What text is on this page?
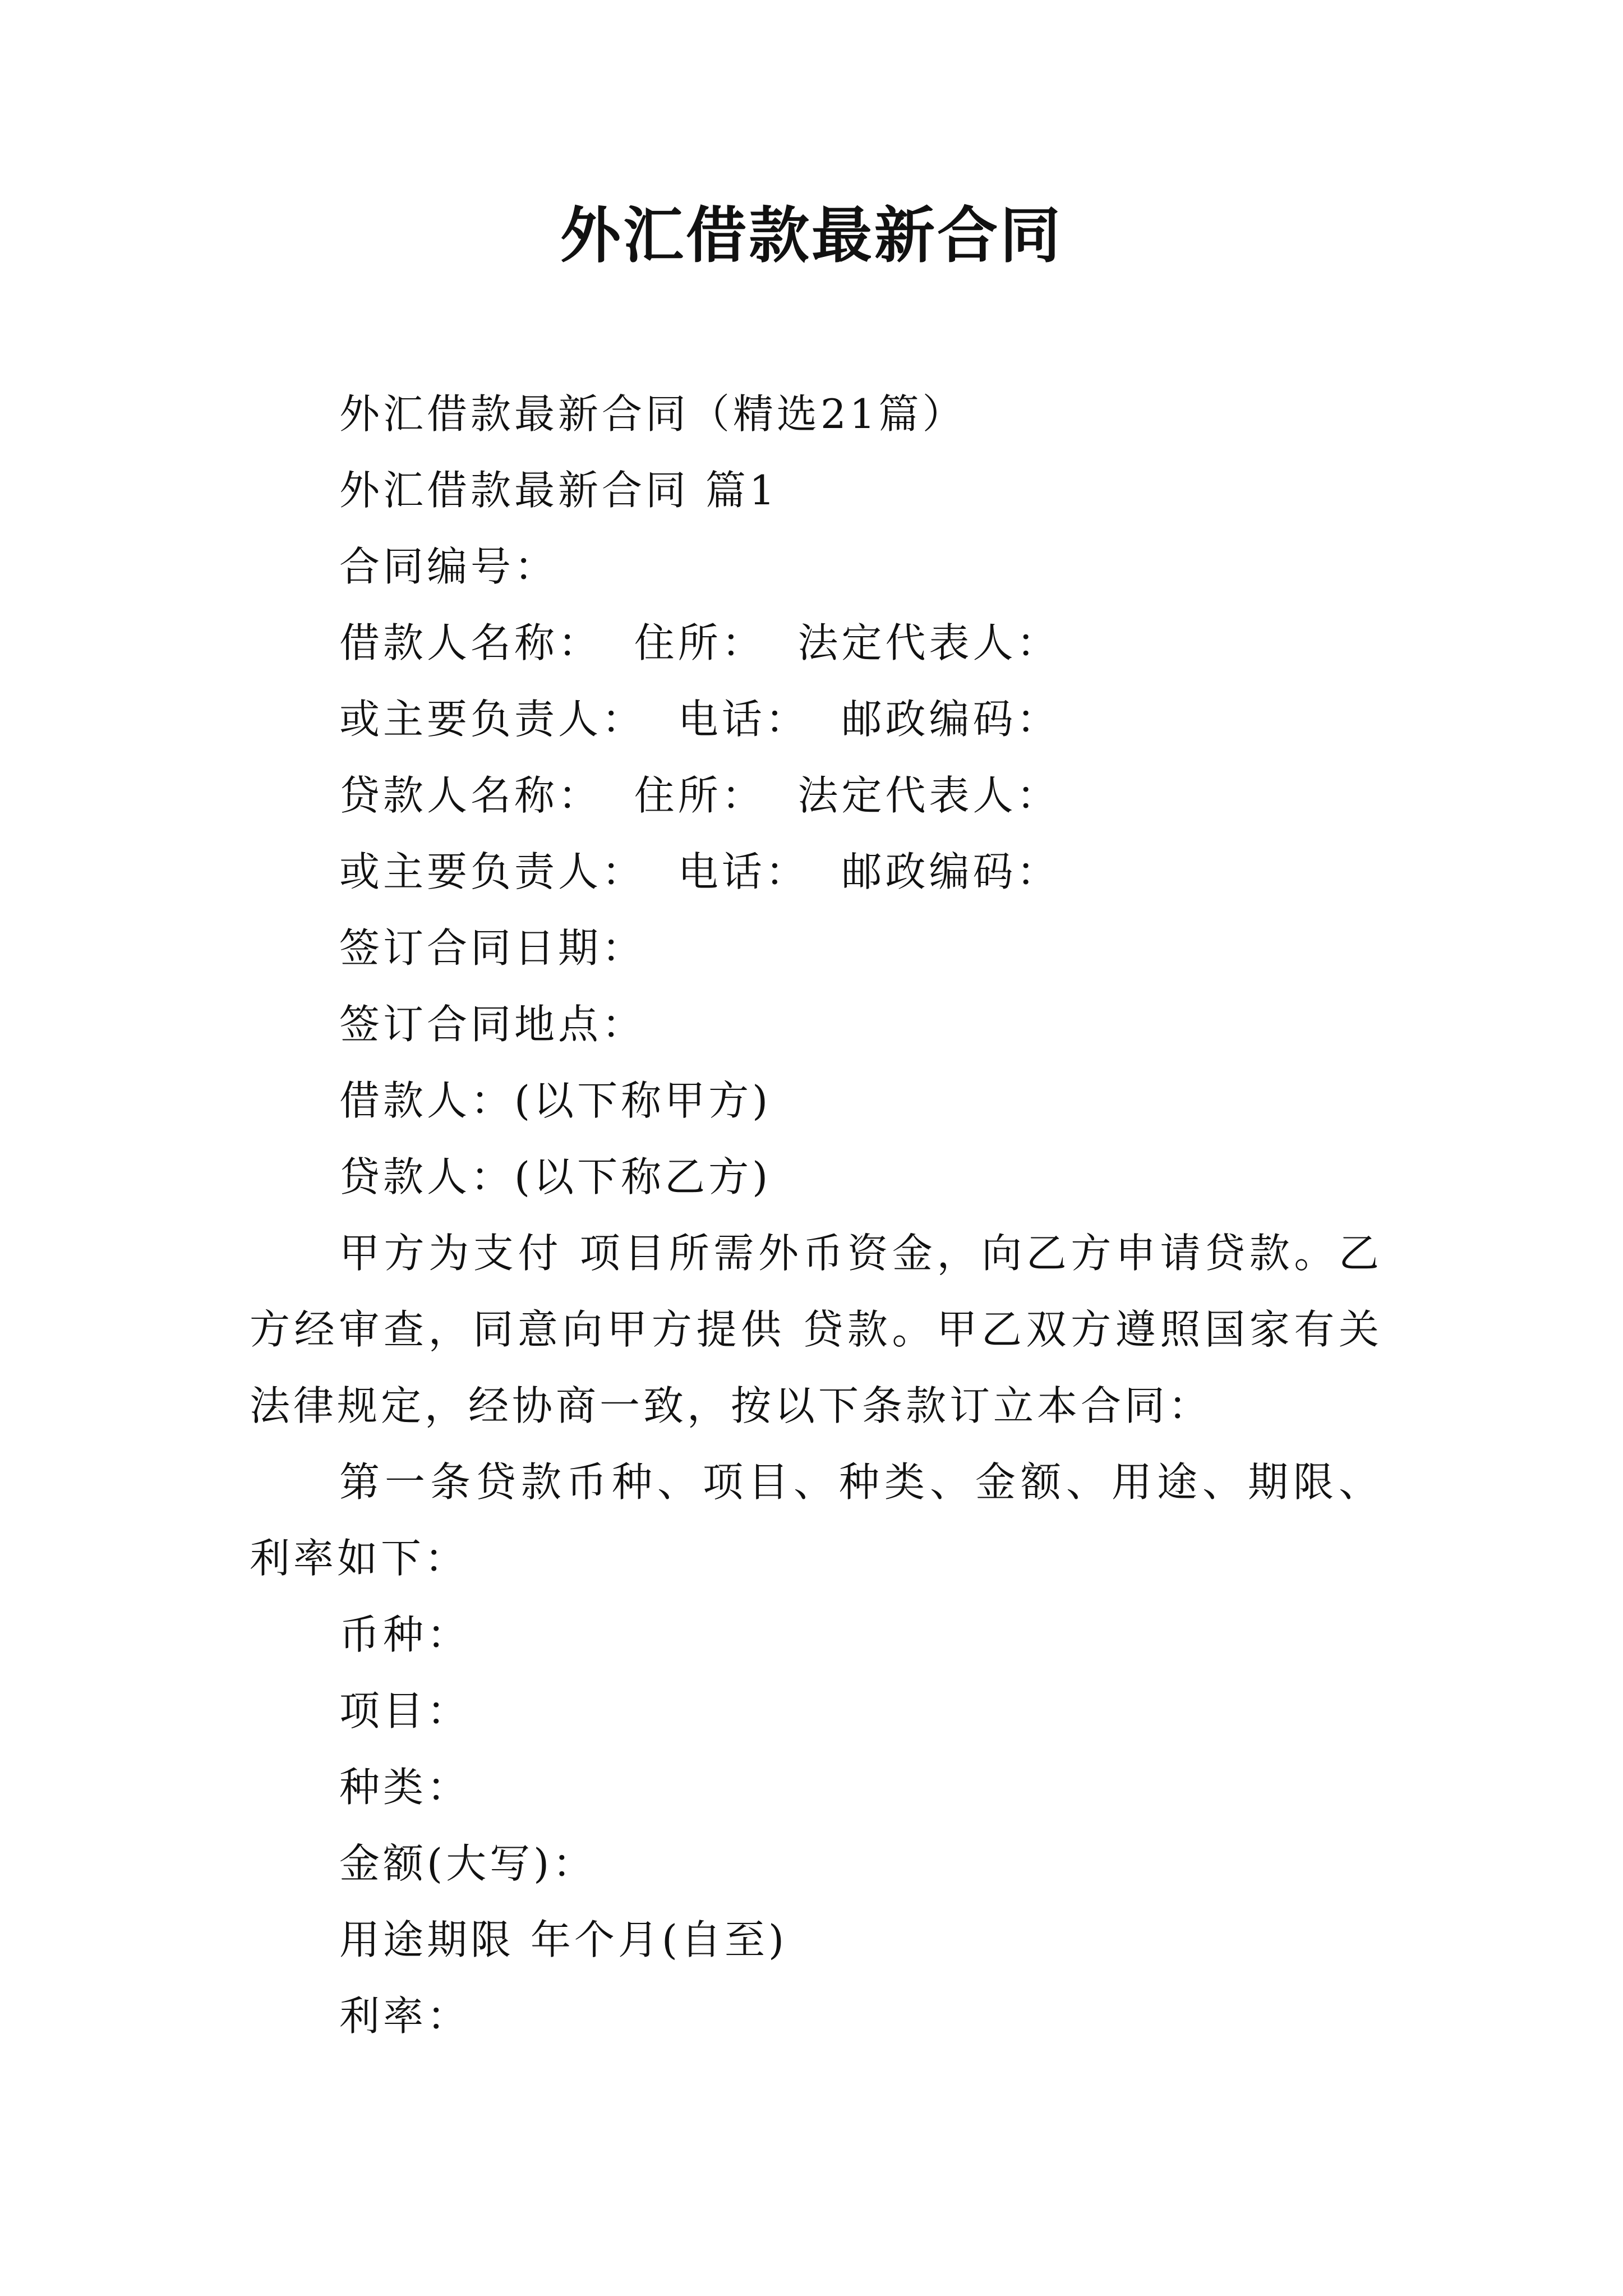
外汇借款最新合同
外汇借款最新合同（精选21篇）
外汇借款最新合同 篇1
合同编号：
借款人名称：  住所：  法定代表人：
或主要负责人：  电话：  邮政编码：
贷款人名称：  住所：  法定代表人：
或主要负责人：  电话：  邮政编码：
签订合同日期：
签订合同地点：
借款人：(以下称甲方)
贷款人：(以下称乙方)
甲方为支付 项目所需外币资金，向乙方申请贷款。乙方经审查，同意向甲方提供 贷款。甲乙双方遵照国家有关法律规定，经协商一致，按以下条款订立本合同：
第一条贷款币种、项目、种类、金额、用途、期限、利率如下：
币种：
项目：
种类：
金额(大写)：
用途期限 年个月(自至)
利率：
